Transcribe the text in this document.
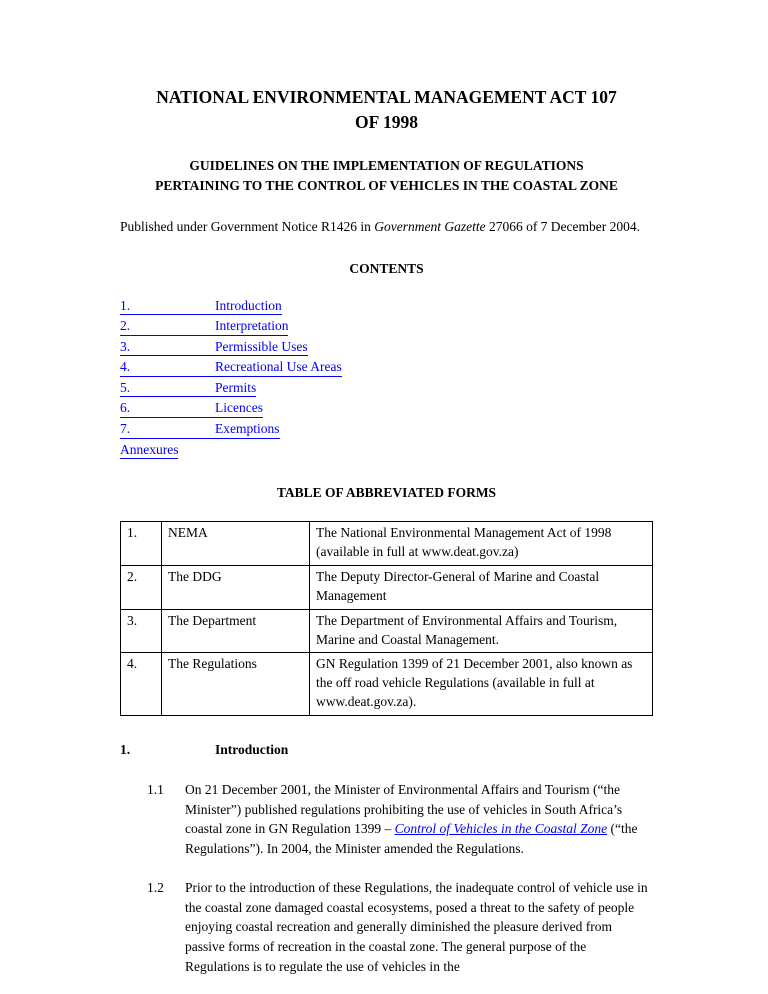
NATIONAL ENVIRONMENTAL MANAGEMENT ACT 107
OF 1998
GUIDELINES ON THE IMPLEMENTATION OF REGULATIONS
PERTAINING TO THE CONTROL OF VEHICLES IN THE COASTAL ZONE

Published under Government Notice R1426 in Government Gazette 27066 of 7 December 2004.

CONTENTS
1.	Introduction
2.	Interpretation
3.	Permissible Uses
4.	Recreational Use Areas
5.	Permits
6.	Licences
7.	Exemptions
Annexures
TABLE OF ABBREVIATED FORMS
1.	NEMA	The National Environmental Management Act of 1998 (available in full at www.deat.gov.za)
2.	The DDG	The Deputy Director-General of Marine and Coastal Management
3.	The Department	The Department of Environmental Affairs and Tourism, Marine and Coastal Management.
4.	The Regulations	GN Regulation 1399 of 21 December 2001, also known as the off road vehicle Regulations (available in full at www.deat.gov.za).
1.	Introduction
1.1	On 21 December 2001, the Minister of Environmental Affairs and Tourism (“the Minister”) published regulations prohibiting the use of vehicles in South Africa’s coastal zone in GN Regulation 1399 – Control of Vehicles in the Coastal Zone (“the Regulations”). In 2004, the Minister amended the Regulations.
1.2	Prior to the introduction of these Regulations, the inadequate control of vehicle use in the coastal zone damaged coastal ecosystems, posed a threat to the safety of people enjoying coastal recreation and generally diminished the pleasure derived from passive forms of recreation in the coastal zone. The general purpose of the Regulations is to regulate the use of vehicles in the
